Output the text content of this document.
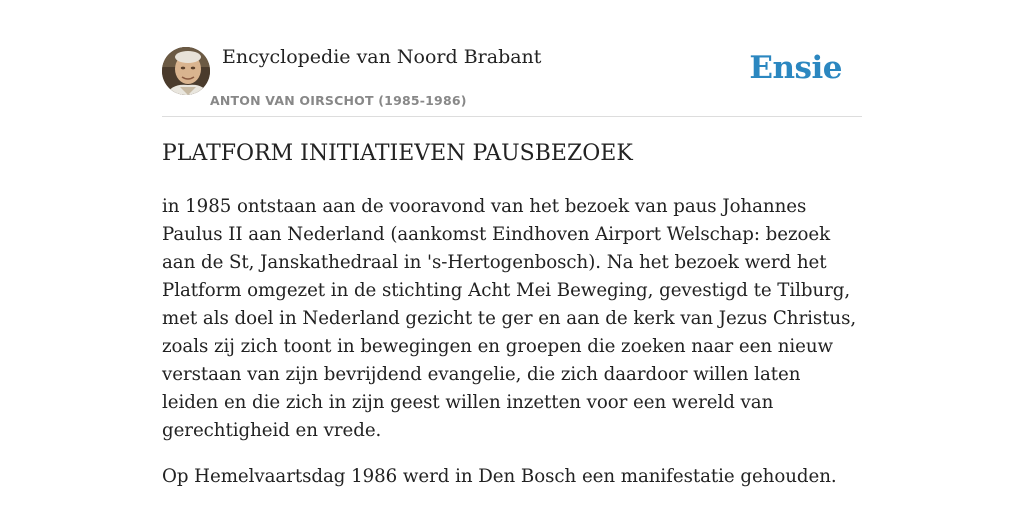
Encyclopedie van Noord Brabant
ANTON VAN OIRSCHOT (1985-1986)
Ensie
PLATFORM INITIATIEVEN PAUSBEZOEK

in 1985 ontstaan aan de vooravond van het bezoek van paus Johannes Paulus II aan Nederland (aankomst Eindhoven Airport Welschap: bezoek aan de St, Janskathedraal in 's-Hertogenbosch). Na het bezoek werd het Platform omgezet in de stichting Acht Mei Beweging, gevestigd te Tilburg, met als doel in Nederland gezicht te ger en aan de kerk van Jezus Christus, zoals zij zich toont in bewegingen en groepen die zoeken naar een nieuw verstaan van zijn bevrijdend evangelie, die zich daardoor willen laten leiden en die zich in zijn geest willen inzetten voor een wereld van gerechtigheid en vrede.

Op Hemelvaartsdag 1986 werd in Den Bosch een manifestatie gehouden.
